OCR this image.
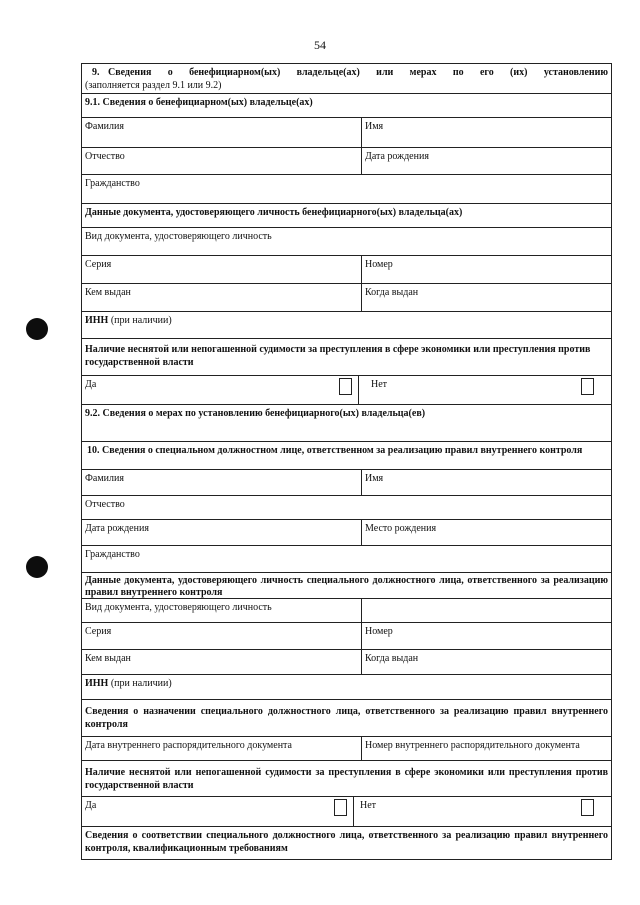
54
9. Сведения о бенефициарном(ых) владельце(ах) или мерах по его (их) установлению
(заполняется раздел 9.1 или 9.2)
9.1. Сведения о бенефициарном(ых) владельце(ах)
Фамилия	Имя
Отчество	Дата рождения
Гражданство
Данные документа, удостоверяющего личность бенефициарного(ых) владельца(ах)
Вид документа, удостоверяющего личность
Серия	Номер
Кем выдан	Когда выдан
ИНН (при наличии)
Наличие неснятой или непогашенной судимости за преступления в сфере экономики или преступления против государственной власти
Да	Нет
9.2. Сведения о мерах по установлению бенефициарного(ых) владельца(ев)
10. Сведения о специальном должностном лице, ответственном за реализацию правил внутреннего контроля
Фамилия	Имя
Отчество
Дата рождения	Место рождения
Гражданство
Данные документа, удостоверяющего личность специального должностного лица, ответственного за реализацию правил внутреннего контроля
Вид документа, удостоверяющего личность
Серия	Номер
Кем выдан	Когда выдан
ИНН (при наличии)
Сведения о назначении специального должностного лица, ответственного за реализацию правил внутреннего контроля
Дата внутреннего распорядительного документа	Номер внутреннего распорядительного документа
Наличие неснятой или непогашенной судимости за преступления в сфере экономики или преступления против государственной власти
Да	Нет
Сведения о соответствии специального должностного лица, ответственного за реализацию правил внутреннего контроля, квалификационным требованиям
